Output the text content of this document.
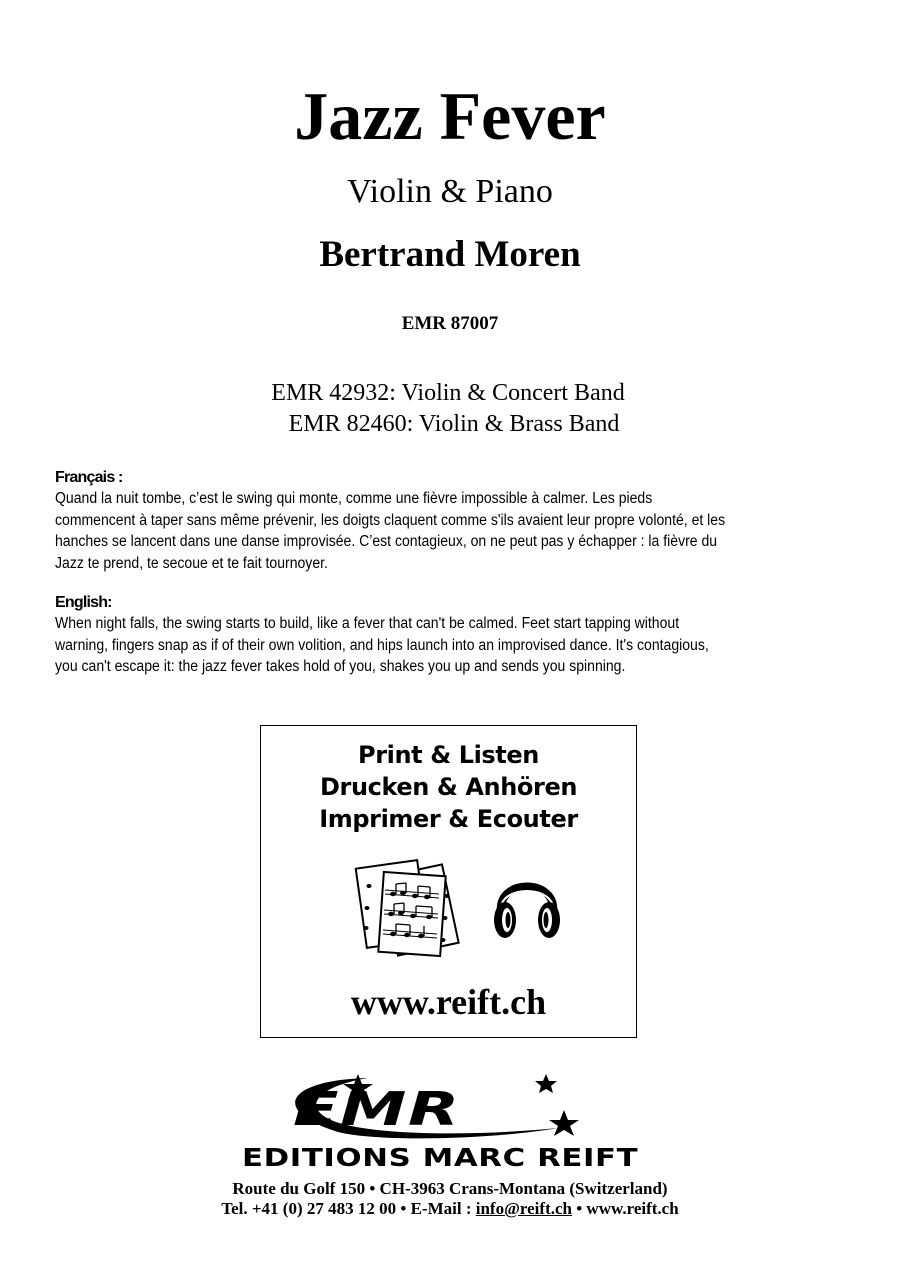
Jazz Fever
Violin & Piano
Bertrand Moren
EMR 87007
EMR 42932: Violin & Concert Band
EMR 82460: Violin & Brass Band
Français :
Quand la nuit tombe, c’est le swing qui monte, comme une fièvre impossible à calmer. Les pieds
commencent à taper sans même prévenir, les doigts claquent comme s'ils avaient leur propre volonté, et les
hanches se lancent dans une danse improvisée. C’est contagieux, on ne peut pas y échapper : la fièvre du
Jazz te prend, te secoue et te fait tournoyer.
English:
When night falls, the swing starts to build, like a fever that can't be calmed. Feet start tapping without
warning, fingers snap as if of their own volition, and hips launch into an improvised dance. It's contagious,
you can't escape it: the jazz fever takes hold of you, shakes you up and sends you spinning.
Print & Listen
Drucken & Anhören
Imprimer & Ecouter
www.reift.ch
EMR
EDITIONS MARC REIFT
Route du Golf 150 • CH-3963 Crans-Montana (Switzerland)
Tel. +41 (0) 27 483 12 00 • E-Mail : info@reift.ch • www.reift.ch
